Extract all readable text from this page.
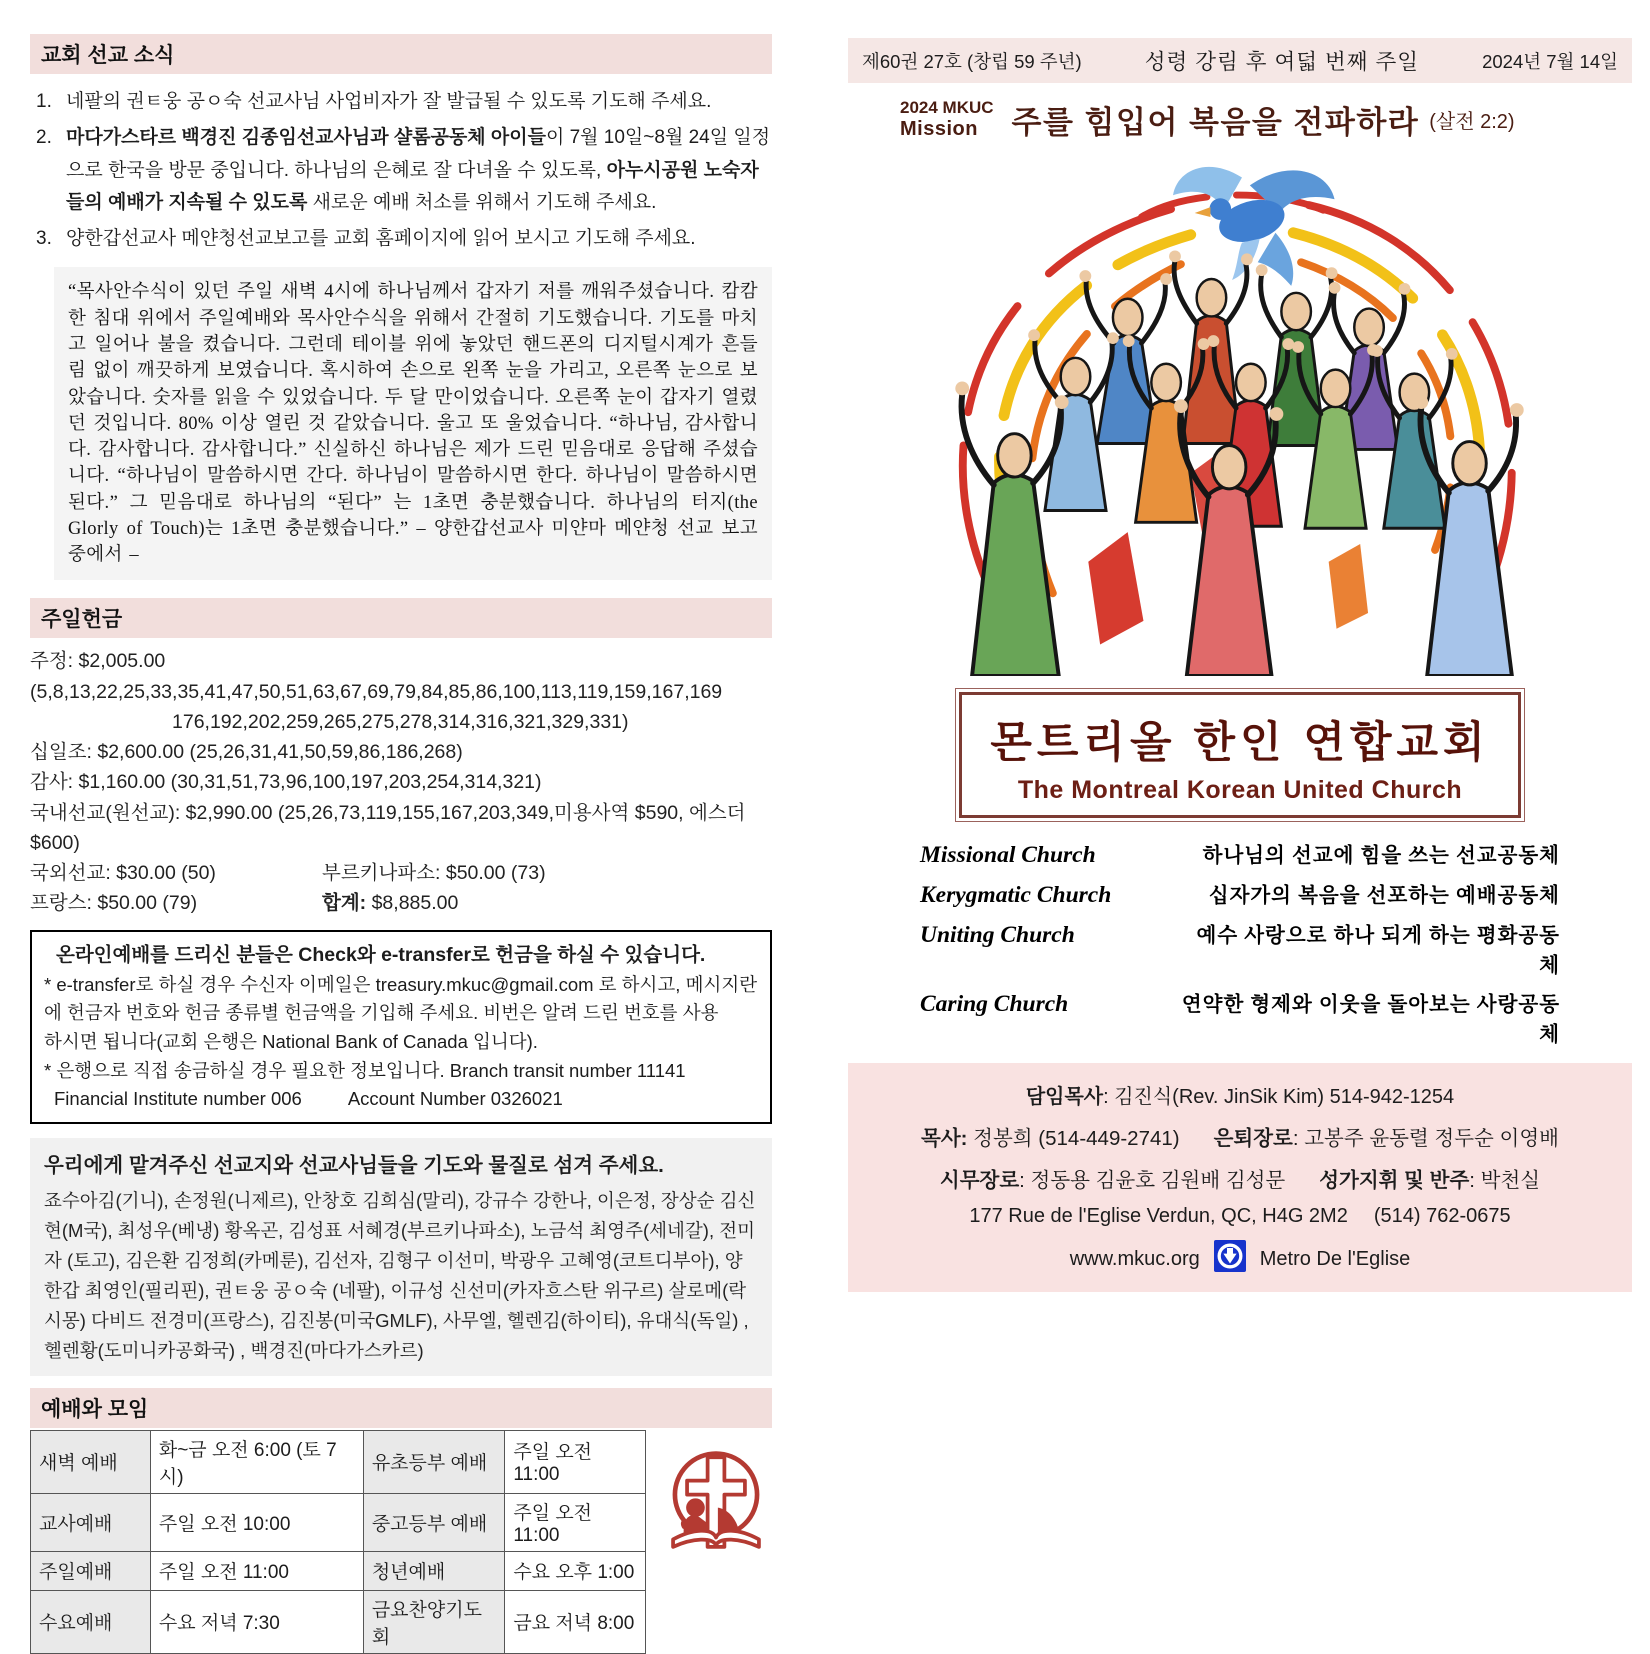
교회 선교 소식
1. 네팔의 권ㅌ웅 공ㅇ숙 선교사님 사업비자가 잘 발급될 수 있도록 기도해 주세요.
2. 마다가스타르 백경진 김종임선교사님과 샬롬공동체 아이들이 7월 10일~8월 24일 일정으로 한국을 방문 중입니다. 하나님의 은혜로 잘 다녀올 수 있도록, 아누시공원 노숙자들의 예배가 지속될 수 있도록 새로운 예배 처소를 위해서 기도해 주세요.
3. 양한갑선교사 메얀청선교보고를 교회 홈페이지에 읽어 보시고 기도해 주세요.
“목사안수식이 있던 주일 새벽 4시에 하나님께서 갑자기 저를 깨워주셨습니다. 캄캄한 침대 위에서 주일예배와 목사안수식을 위해서 간절히 기도했습니다. 기도를 마치고 일어나 불을 켰습니다. 그런데 테이블 위에 놓았던 핸드폰의 디지털시계가 흔들림 없이 깨끗하게 보였습니다. 혹시하여 손으로 왼쪽 눈을 가리고, 오른쪽 눈으로 보았습니다. 숫자를 읽을 수 있었습니다. 두 달 만이었습니다. 오른쪽 눈이 갑자기 열렸던 것입니다. 80% 이상 열린 것 같았습니다. 울고 또 울었습니다. “하나님, 감사합니다. 감사합니다. 감사합니다.” 신실하신 하나님은 제가 드린 믿음대로 응답해 주셨습니다. “하나님이 말씀하시면 간다. 하나님이 말씀하시면 한다. 하나님이 말씀하시면 된다.” 그 믿음대로 하나님의 “된다” 는 1초면 충분했습니다. 하나님의 터지(the Glorly of Touch)는 1초면 충분했습니다.” – 양한갑선교사 미얀마 메얀청 선교 보고 중에서 –
주일헌금
주정: $2,005.00 (5,8,13,22,25,33,35,41,47,50,51,63,67,69,79,84,85,86,100,113,119,159,167,169
176,192,202,259,265,275,278,314,316,321,329,331)
십일조: $2,600.00 (25,26,31,41,50,59,86,186,268)
감사: $1,160.00 (30,31,51,73,96,100,197,203,254,314,321)
국내선교(원선교): $2,990.00 (25,26,73,119,155,167,203,349,미용사역 $590, 에스더 $600)
국외선교: $30.00 (50)	부르키나파소: $50.00 (73)
프랑스: $50.00 (79)	합계: $8,885.00
온라인예배를 드리신 분들은 Check와 e-transfer로 헌금을 하실 수 있습니다.
* e-transfer로 하실 경우 수신자 이메일은 treasury.mkuc@gmail.com 로 하시고, 메시지란
에 헌금자 번호와 헌금 종류별 헌금액을 기입해 주세요. 비번은 알려 드린 번호를 사용
하시면 됩니다(교회 은행은 National Bank of Canada 입니다).
* 은행으로 직접 송금하실 경우 필요한 정보입니다. Branch transit number 11141
Financial Institute number 006 Account Number 0326021
우리에게 맡겨주신 선교지와 선교사님들을 기도와 물질로 섬겨 주세요.
죠수아김(기니), 손정원(니제르), 안창호 김희심(말리), 강규수 강한나, 이은정, 장상순 김신현(M국), 최성우(베냉) 황옥곤, 김성표 서혜경(부르키나파소), 노금석 최영주(세네갈), 전미자 (토고), 김은환 김정희(카메룬), 김선자, 김형구 이선미, 박광우 고혜영(코트디부아), 양한갑 최영인(필리핀), 권ㅌ웅 공ㅇ숙 (네팔), 이규성 신선미(카자흐스탄 위구르) 살로메(락시몽) 다비드 전경미(프랑스), 김진봉(미국GMLF), 사무엘, 헬렌김(하이티), 유대식(독일) , 헬렌황(도미니카공화국) , 백경진(마다가스카르)
예배와 모임
새벽 예배	화~금 오전 6:00 (토 7시)	유초등부 예배	주일 오전 11:00
교사예배	주일 오전 10:00	중고등부 예배	주일 오전 11:00
주일예배	주일 오전 11:00	청년예배	수요 오후 1:00
수요예배	수요 저녁 7:30	금요찬양기도회	금요 저녁 8:00
제60권 27호 (창립 59 주년)	성령 강림 후 여덟 번째 주일	2024년 7월 14일
2024 MKUC
Mission	주를 힘입어 복음을 전파하라 (살전 2:2)
몬트리올 한인 연합교회
The Montreal Korean United Church
Missional Church	하나님의 선교에 힘을 쓰는 선교공동체
Kerygmatic Church	십자가의 복음을 선포하는 예배공동체
Uniting Church	예수 사랑으로 하나 되게 하는 평화공동체
Caring Church	연약한 형제와 이웃을 돌아보는 사랑공동체
담임목사: 김진식(Rev. JinSik Kim) 514-942-1254
목사: 정봉희 (514-449-2741) 은퇴장로: 고봉주 윤동렬 정두순 이영배
시무장로: 정동용 김윤호 김원배 김성문 성가지휘 및 반주: 박천실
177 Rue de l'Eglise Verdun, QC, H4G 2M2 (514) 762-0675
www.mkuc.org	Metro De l'Eglise
